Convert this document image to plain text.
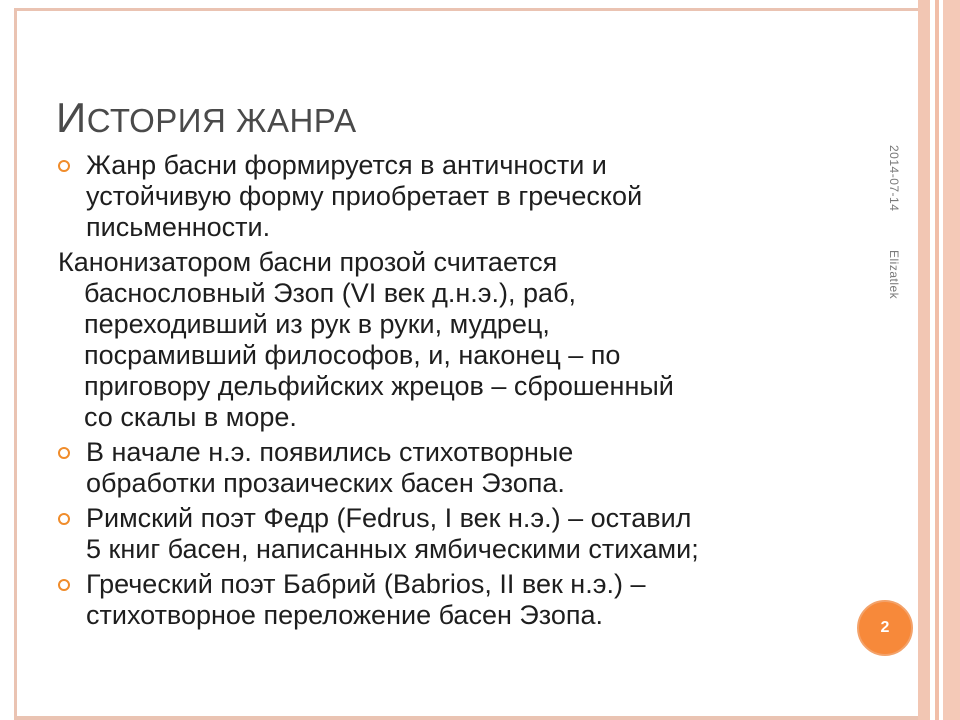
ИСТОРИЯ ЖАНРА

Жанр басни формируется в античности и
устойчивую форму приобретает в греческой
письменности.

Канонизатором басни прозой считается
баснословный Эзоп (VI век д.н.э.), раб,
переходивший из рук в руки, мудрец,
посрамивший философов, и, наконец – по
приговору дельфийских жрецов – сброшенный
со скалы в море.

В начале н.э. появились стихотворные
обработки прозаических басен Эзопа.

Римский поэт Федр (Fedrus, I век н.э.) – оставил
5 книг басен, написанных ямбическими стихами;

Греческий поэт Бабрий (Babrios, II век н.э.) –
стихотворное переложение басен Эзопа.

2014-07-14
Elizatlek
2
